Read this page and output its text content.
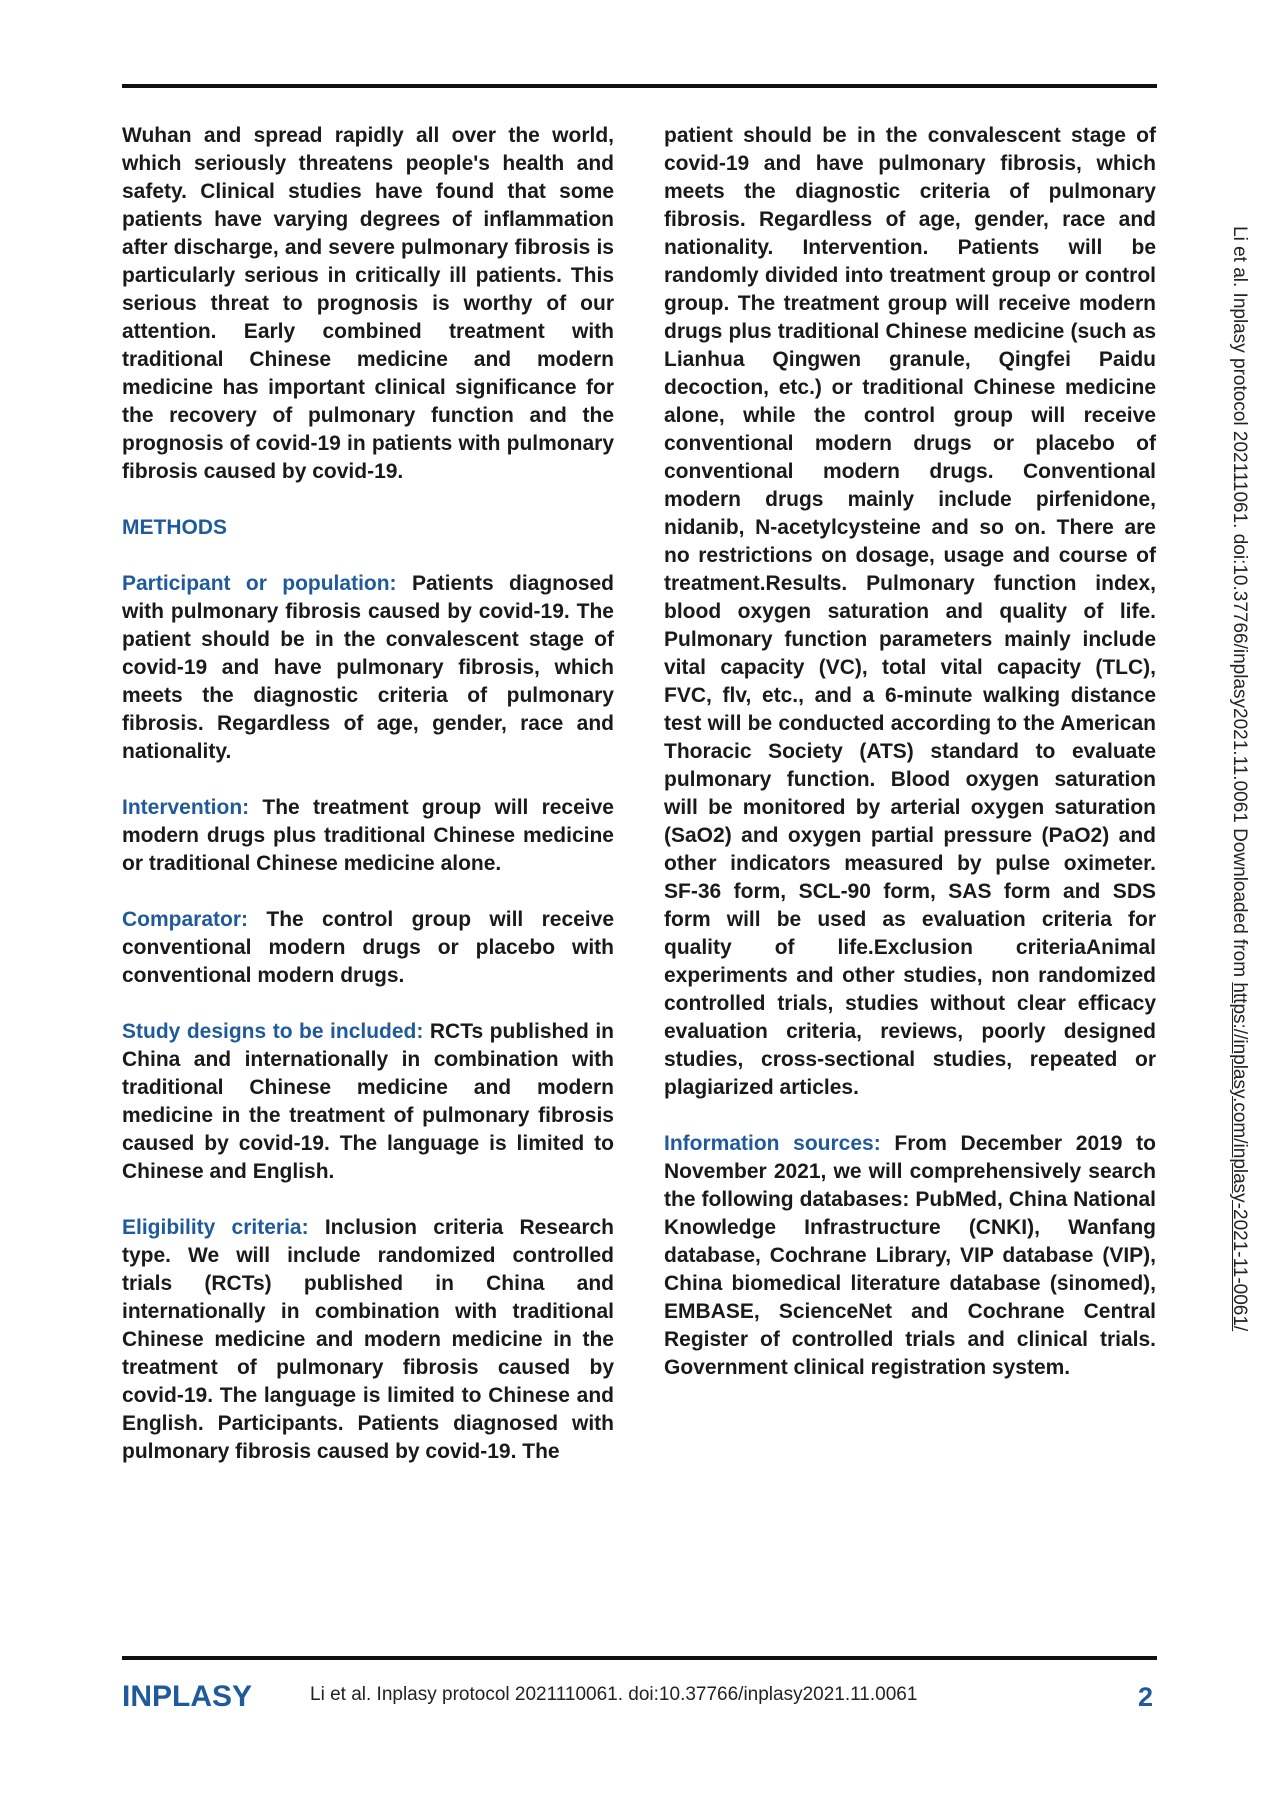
Wuhan and spread rapidly all over the world, which seriously threatens people's health and safety. Clinical studies have found that some patients have varying degrees of inflammation after discharge, and severe pulmonary fibrosis is particularly serious in critically ill patients. This serious threat to prognosis is worthy of our attention. Early combined treatment with traditional Chinese medicine and modern medicine has important clinical significance for the recovery of pulmonary function and the prognosis of covid-19 in patients with pulmonary fibrosis caused by covid-19.

METHODS

Participant or population: Patients diagnosed with pulmonary fibrosis caused by covid-19. The patient should be in the convalescent stage of covid-19 and have pulmonary fibrosis, which meets the diagnostic criteria of pulmonary fibrosis. Regardless of age, gender, race and nationality.

Intervention: The treatment group will receive modern drugs plus traditional Chinese medicine or traditional Chinese medicine alone.

Comparator: The control group will receive conventional modern drugs or placebo with conventional modern drugs.

Study designs to be included: RCTs published in China and internationally in combination with traditional Chinese medicine and modern medicine in the treatment of pulmonary fibrosis caused by covid-19. The language is limited to Chinese and English.

Eligibility criteria: Inclusion criteria Research type. We will include randomized controlled trials (RCTs) published in China and internationally in combination with traditional Chinese medicine and modern medicine in the treatment of pulmonary fibrosis caused by covid-19. The language is limited to Chinese and English. Participants. Patients diagnosed with pulmonary fibrosis caused by covid-19. The

patient should be in the convalescent stage of covid-19 and have pulmonary fibrosis, which meets the diagnostic criteria of pulmonary fibrosis. Regardless of age, gender, race and nationality. Intervention. Patients will be randomly divided into treatment group or control group. The treatment group will receive modern drugs plus traditional Chinese medicine (such as Lianhua Qingwen granule, Qingfei Paidu decoction, etc.) or traditional Chinese medicine alone, while the control group will receive conventional modern drugs or placebo of conventional modern drugs. Conventional modern drugs mainly include pirfenidone, nidanib, N-acetylcysteine and so on. There are no restrictions on dosage, usage and course of treatment.Results. Pulmonary function index, blood oxygen saturation and quality of life. Pulmonary function parameters mainly include vital capacity (VC), total vital capacity (TLC), FVC, flv, etc., and a 6-minute walking distance test will be conducted according to the American Thoracic Society (ATS) standard to evaluate pulmonary function. Blood oxygen saturation will be monitored by arterial oxygen saturation (SaO2) and oxygen partial pressure (PaO2) and other indicators measured by pulse oximeter. SF-36 form, SCL-90 form, SAS form and SDS form will be used as evaluation criteria for quality of life.Exclusion criteriaAnimal experiments and other studies, non randomized controlled trials, studies without clear efficacy evaluation criteria, reviews, poorly designed studies, cross-sectional studies, repeated or plagiarized articles.

Information sources: From December 2019 to November 2021, we will comprehensively search the following databases: PubMed, China National Knowledge Infrastructure (CNKI), Wanfang database, Cochrane Library, VIP database (VIP), China biomedical literature database (sinomed), EMBASE, ScienceNet and Cochrane Central Register of controlled trials and clinical trials. Government clinical registration system.

Li et al. Inplasy protocol 202111061. doi:10.37766/inplasy2021.11.0061 Downloaded from https://inplasy.com/inplasy-2021-11-0061/
INPLASY	Li et al. Inplasy protocol 2021110061. doi:10.37766/inplasy2021.11.0061	2
